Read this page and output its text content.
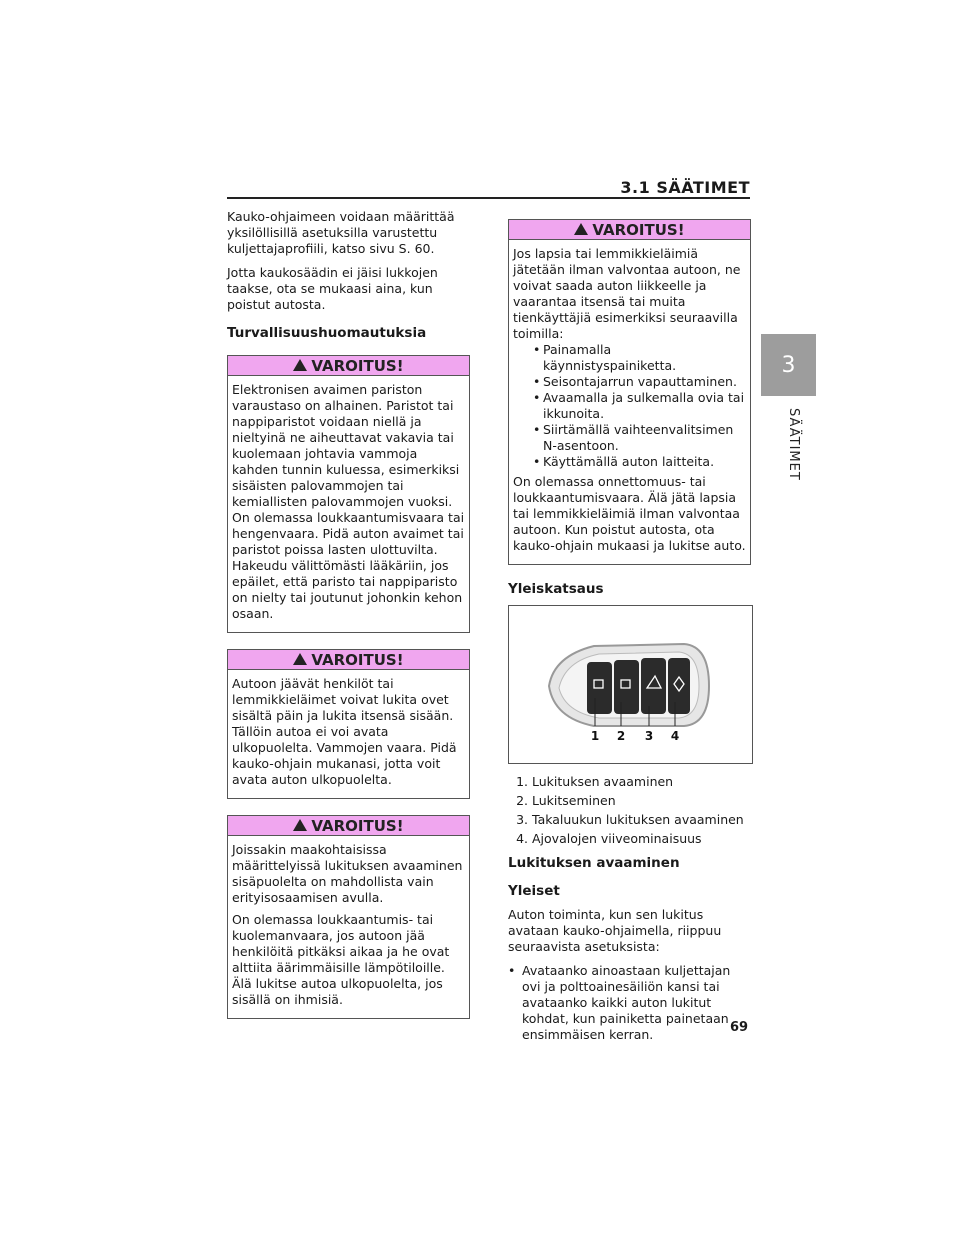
3.1 SÄÄTIMET
3
SÄÄTIMET

Kauko-ohjaimeen voidaan määrittää yksilöllisillä asetuksilla varustettu kuljettajaprofiili, katso sivu S. 60.

Jotta kaukosäädin ei jäisi lukkojen taakse, ota se mukaasi aina, kun poistut autosta.

Turvallisuushuomautuksia
VAROITUS!

Elektronisen avaimen pariston varaustaso on alhainen. Paristot tai nappiparistot voidaan niellä ja nieltyinä ne aiheuttavat vakavia tai kuolemaan johtavia vammoja kahden tunnin kuluessa, esimerkiksi sisäisten palovammojen tai kemiallisten palovammojen vuoksi. On olemassa loukkaantumisvaara tai hengenvaara. Pidä auton avaimet tai paristot poissa lasten ulottuvilta. Hakeudu välittömästi lääkäriin, jos epäilet, että paristo tai nappiparisto on nielty tai joutunut johonkin kehon osaan.

VAROITUS!

Autoon jäävät henkilöt tai lemmikkieläimet voivat lukita ovet sisältä päin ja lukita itsensä sisään. Tällöin autoa ei voi avata ulkopuolelta. Vammojen vaara. Pidä kauko-ohjain mukanasi, jotta voit avata auton ulkopuolelta.

VAROITUS!

Joissakin maakohtaisissa määrittelyissä lukituksen avaaminen sisäpuolelta on mahdollista vain erityisosaamisen avulla.

On olemassa loukkaantumis- tai kuolemanvaara, jos autoon jää henkilöitä pitkäksi aikaa ja he ovat alttiita äärimmäisille lämpötiloille. Älä lukitse autoa ulkopuolelta, jos sisällä on ihmisiä.

VAROITUS!

Jos lapsia tai lemmikkieläimiä jätetään ilman valvontaa autoon, ne voivat saada auton liikkeelle ja vaarantaa itsensä tai muita tienkäyttäjiä esimerkiksi seuraavilla toimilla:

• Painamalla käynnistyspainiketta.
• Seisontajarrun vapauttaminen.
• Avaamalla ja sulkemalla ovia tai ikkunoita.
• Siirtämällä vaihteenvalitsimen N-asentoon.
• Käyttämällä auton laitteita.

On olemassa onnettomuus- tai loukkaantumisvaara. Älä jätä lapsia tai lemmikkieläimiä ilman valvontaa autoon. Kun poistut autosta, ota kauko-ohjain mukaasi ja lukitse auto.

Yleiskatsaus
1 2 3 4
1. Lukituksen avaaminen
2. Lukitseminen
3. Takaluukun lukituksen avaaminen
4. Ajovalojen viiveominaisuus
Lukituksen avaaminen
Yleiset

Auton toiminta, kun sen lukitus avataan kauko-ohjaimella, riippuu seuraavista asetuksista:

• Avataanko ainoastaan kuljettajan ovi ja polttoainesäiliön kansi tai avataanko kaikki auton lukitut kohdat, kun painiketta painetaan ensimmäisen kerran.	69
